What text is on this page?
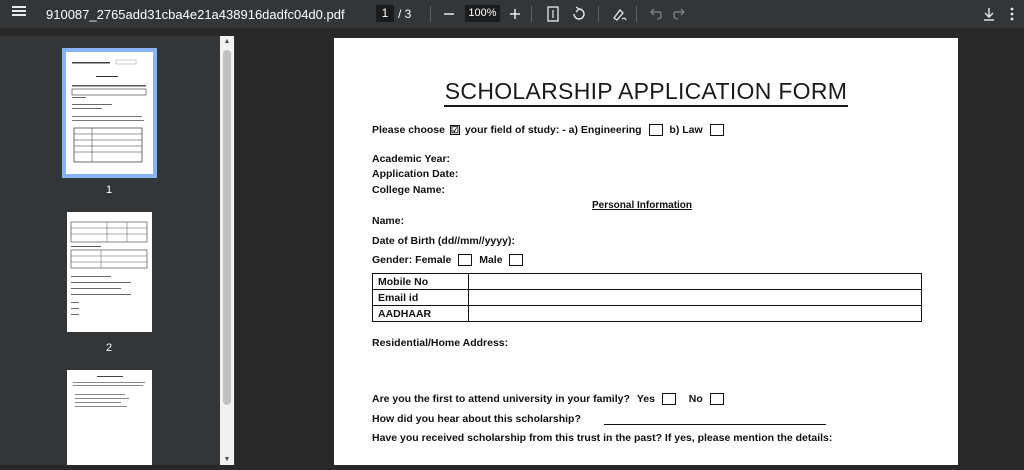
910087_2765add31cba4e21a438916dadfc04d0.pdf	1 / 3	100%
1
2
▲
▼
SCHOLARSHIP APPLICATION FORM
Please choose ☑ your field of study: - a) Engineering	b) Law
Academic Year:
Application Date:
College Name:
Personal Information
Name:
Date of Birth (dd//mm//yyyy):
Gender: Female	Male
Mobile No	
Email id	
AADHAAR	
Residential/Home Address:
Are you the first to attend university in your family? Yes	No
How did you hear about this scholarship?
Have you received scholarship from this trust in the past? If yes, please mention the details:
